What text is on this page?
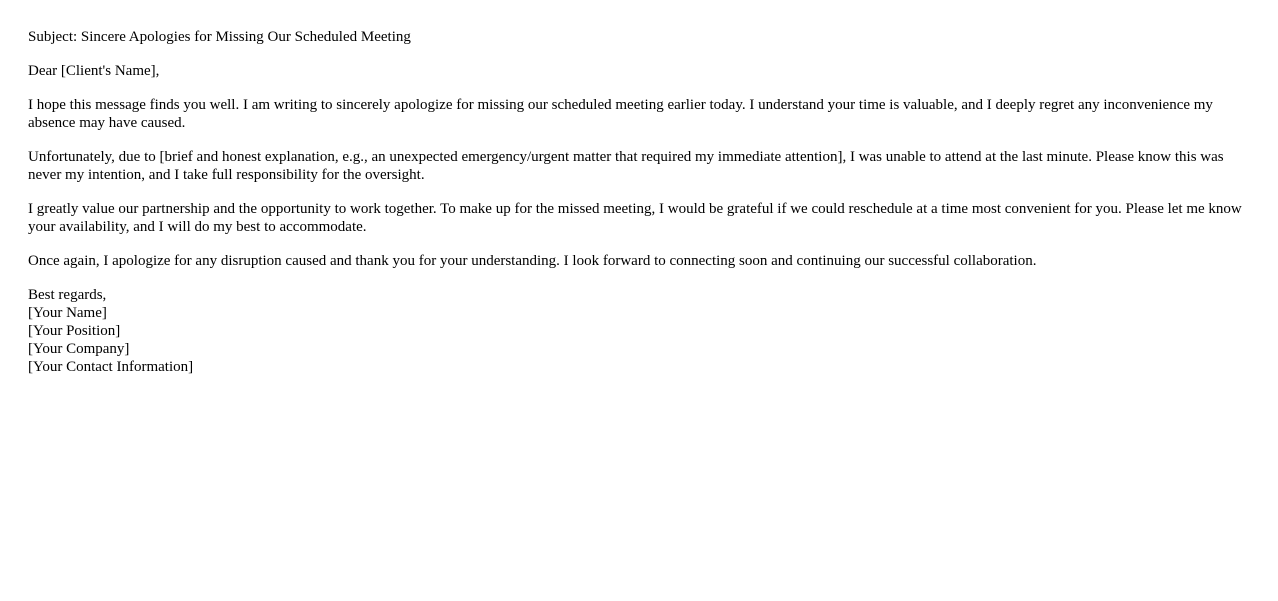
Subject: Sincere Apologies for Missing Our Scheduled Meeting

Dear [Client's Name],

I hope this message finds you well. I am writing to sincerely apologize for missing our scheduled meeting earlier today. I understand your time is valuable, and I deeply regret any inconvenience my absence may have caused.

Unfortunately, due to [brief and honest explanation, e.g., an unexpected emergency/urgent matter that required my immediate attention], I was unable to attend at the last minute. Please know this was never my intention, and I take full responsibility for the oversight.

I greatly value our partnership and the opportunity to work together. To make up for the missed meeting, I would be grateful if we could reschedule at a time most convenient for you. Please let me know your availability, and I will do my best to accommodate.

Once again, I apologize for any disruption caused and thank you for your understanding. I look forward to connecting soon and continuing our successful collaboration.

Best regards,
[Your Name]
[Your Position]
[Your Company]
[Your Contact Information]
